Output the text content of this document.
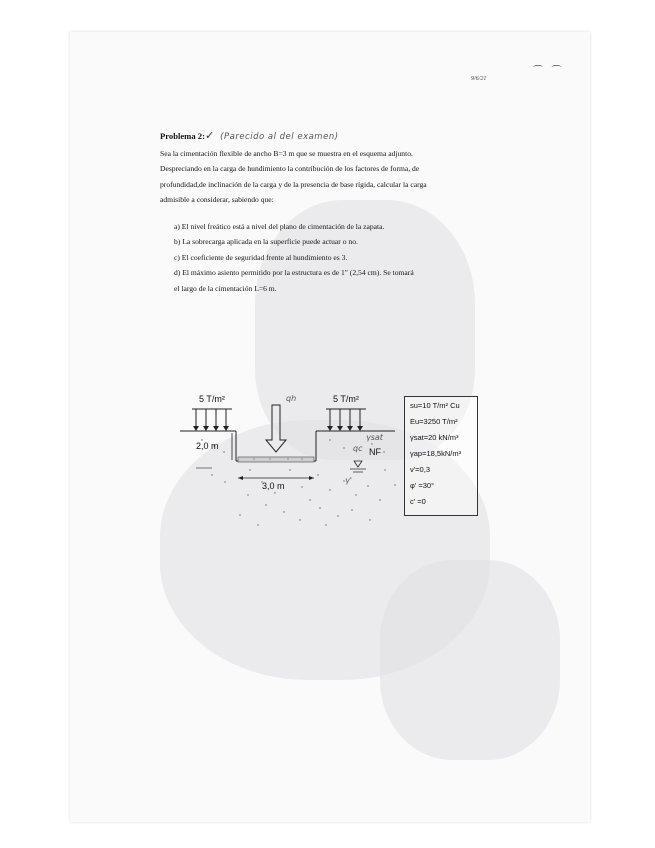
⌒ ⌒
9/6/21
Problema 2:✓ (Parecido al del examen)

Sea la cimentación flexible de ancho B=3 m que se muestra en el esquema adjunto.
Despreciando en la carga de hundimiento la contribución de los factores de forma, de
profundidad,de inclinación de la carga y de la presencia de base rígida, calcular la carga
admisible a considerar, sabiendo que:

a) El nivel freático está a nivel del plano de cimentación de la zapata.
b) La sobrecarga aplicada en la superficie puede actuar o no.
c) El coeficiente de seguridad frente al hundimiento es 3.
d) El máximo asiento permitido por la estructura es de 1" (2,54 cm). Se tomará
el largo de la cimentación L=6 m.
5 T/m²	5 T/m²
qh
2,0 m
3,0 m
NF
γsat
qc
γ'
su=10 T/m² Cu
Eu=3250 T/m²
γsat=20 kN/m³
γap=18,5kN/m³
ν'=0,3
φ' =30°
c' =0
